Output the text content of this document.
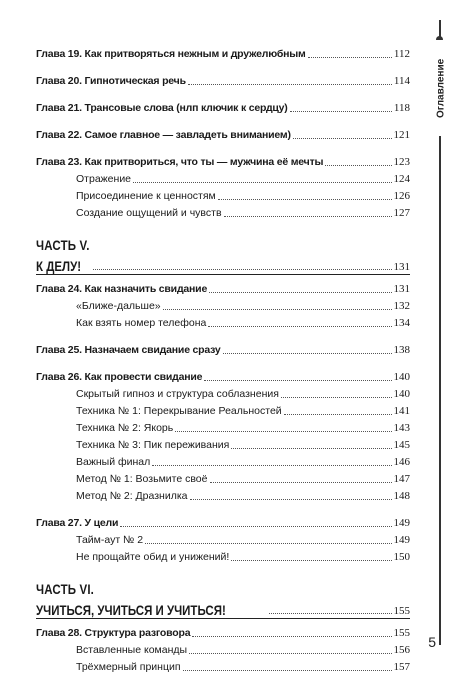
Глава 19. Как притворяться нежным и дружелюбным	112
Глава 20. Гипнотическая речь	114
Глава 21. Трансовые слова (нлп ключик к сердцу)	118
Глава 22. Самое главное — завладеть вниманием)	121
Глава 23. Как притвориться, что ты — мужчина её мечты	123
Отражение	124
Присоединение к ценностям	126
Создание ощущений и чувств	127
ЧАСТЬ V.
К ДЕЛУ!	131
Глава 24. Как назначить свидание	131
«Ближе-дальше»	132
Как взять номер телефона	134
Глава 25. Назначаем свидание сразу	138
Глава 26. Как провести свидание	140
Скрытый гипноз и структура соблазнения	140
Техника № 1: Перекрывание Реальностей	141
Техника № 2: Якорь	143
Техника № 3: Пик переживания	145
Важный финал	146
Метод № 1: Возьмите своё	147
Метод № 2: Дразнилка	148
Глава 27. У цели	149
Тайм-аут № 2	149
Не прощайте обид и унижений!	150
ЧАСТЬ VI.
УЧИТЬСЯ, УЧИТЬСЯ И УЧИТЬСЯ!	155
Глава 28. Структура разговора	155
Вставленные команды	156
Трёхмерный принцип	157
Оглавление
5
